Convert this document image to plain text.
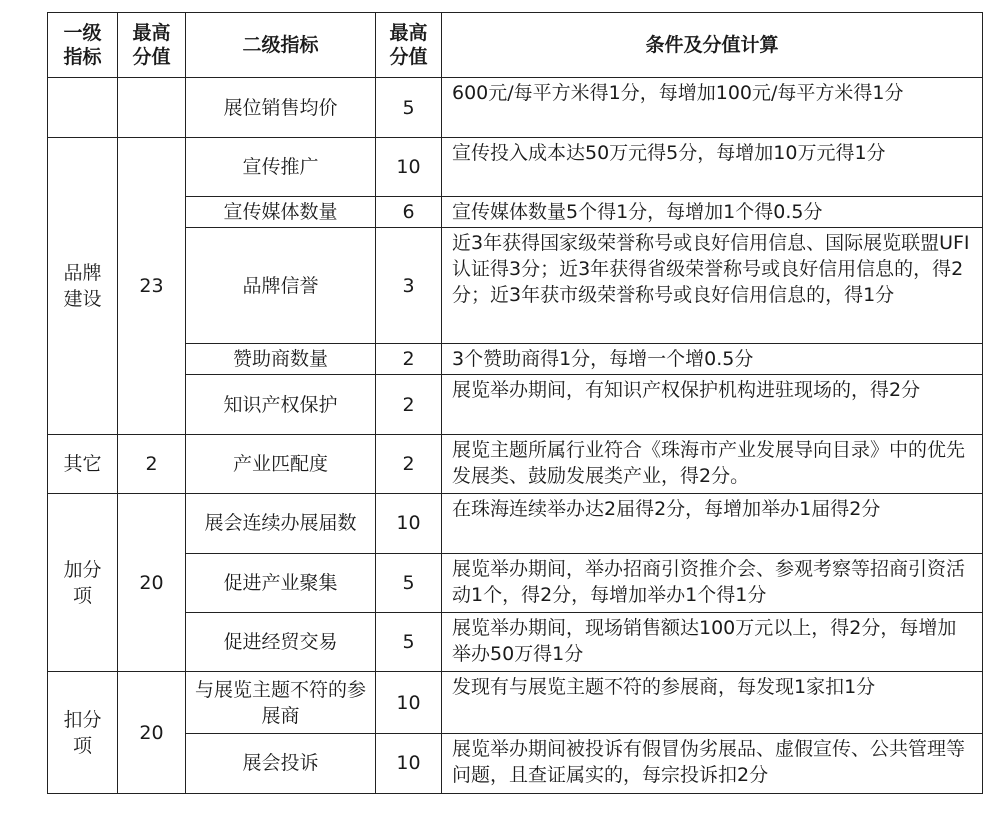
一级
指标	最高
分值	二级指标	最高
分值	条件及分值计算
		展位销售均价	5	600元/每平方米得1分，每增加100元/每平方米得1分

品牌
建设	23	宣传推广	10	宣传投入成本达50万元得5分，每增加10万元得1分
		宣传媒体数量	6	宣传媒体数量5个得1分，每增加1个得0.5分
		品牌信誉	3	近3年获得国家级荣誉称号或良好信用信息、国际展览联盟UFI认证得3分；近3年获得省级荣誉称号或良好信用信息的，得2分；近3年获市级荣誉称号或良好信用信息的，得1分
		赞助商数量	2	3个赞助商得1分，每增一个增0.5分
		知识产权保护	2	展览举办期间，有知识产权保护机构进驻现场的，得2分
其它	2	产业匹配度	2	展览主题所属行业符合《珠海市产业发展导向目录》中的优先发展类、鼓励发展类产业，得2分。

加分
项	20	展会连续办展届数	10	在珠海连续举办达2届得2分，每增加举办1届得2分
		促进产业聚集	5	展览举办期间，举办招商引资推介会、参观考察等招商引资活动1个，得2分，每增加举办1个得1分
		促进经贸交易	5	展览举办期间，现场销售额达100万元以上，得2分，每增加举办50万得1分

扣分
项	20	与展览主题不符的参展商	10	发现有与展览主题不符的参展商，每发现1家扣1分
		展会投诉	10	展览举办期间被投诉有假冒伪劣展品、虚假宣传、公共管理等问题，且查证属实的，每宗投诉扣2分
